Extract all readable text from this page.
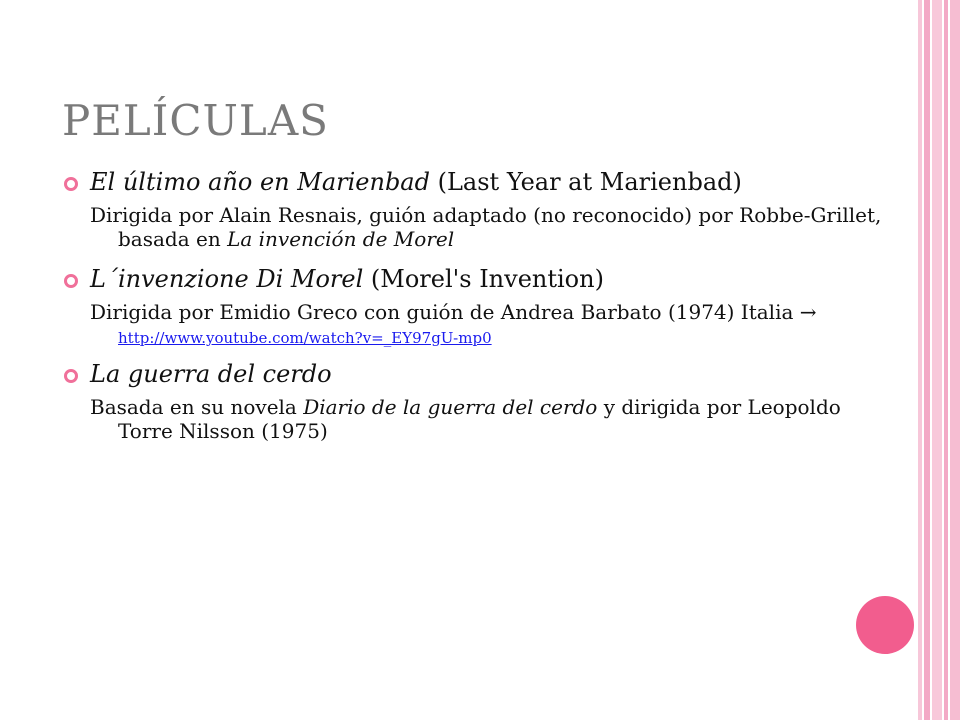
PELÍCULAS

El último año en Marienbad (Last Year at Marienbad)

Dirigida por Alain Resnais, guión adaptado (no reconocido) por Robbe-Grillet, basada en La invención de Morel

L´invenzione Di Morel (Morel's Invention)

Dirigida por Emidio Greco con guión de Andrea Barbato (1974) Italia → http://www.youtube.com/watch?v=_EY97gU-mp0

La guerra del cerdo

Basada en su novela Diario de la guerra del cerdo y dirigida por Leopoldo Torre Nilsson (1975)
